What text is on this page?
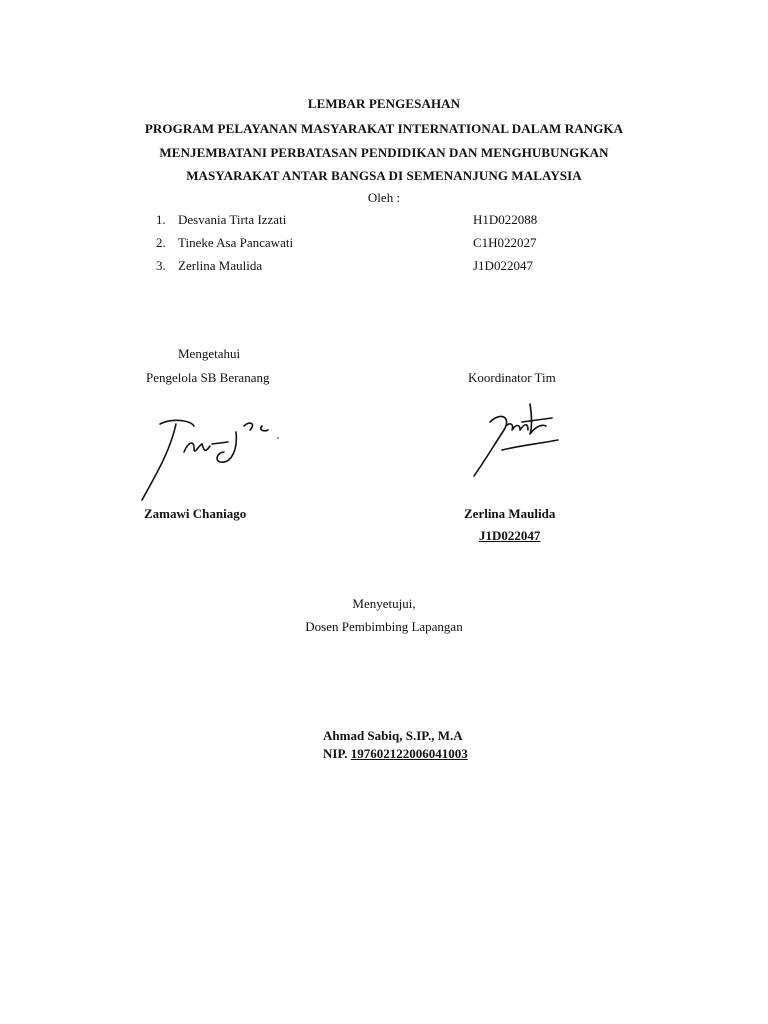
LEMBAR PENGESAHAN
PROGRAM PELAYANAN MASYARAKAT INTERNATIONAL DALAM RANGKA
MENJEMBATANI PERBATASAN PENDIDIKAN DAN MENGHUBUNGKAN
MASYARAKAT ANTAR BANGSA DI SEMENANJUNG MALAYSIA
Oleh :
1. Desvania Tirta Izzati	H1D022088
2. Tineke Asa Pancawati	C1H022027
3. Zerlina Maulida	J1D022047
Mengetahui
Pengelola SB Beranang
Zamawi Chaniago
Koordinator Tim
Zerlina Maulida
J1D022047
Menyetujui,
Dosen Pembimbing Lapangan
Ahmad Sabiq, S.IP., M.A
NIP. 197602122006041003
